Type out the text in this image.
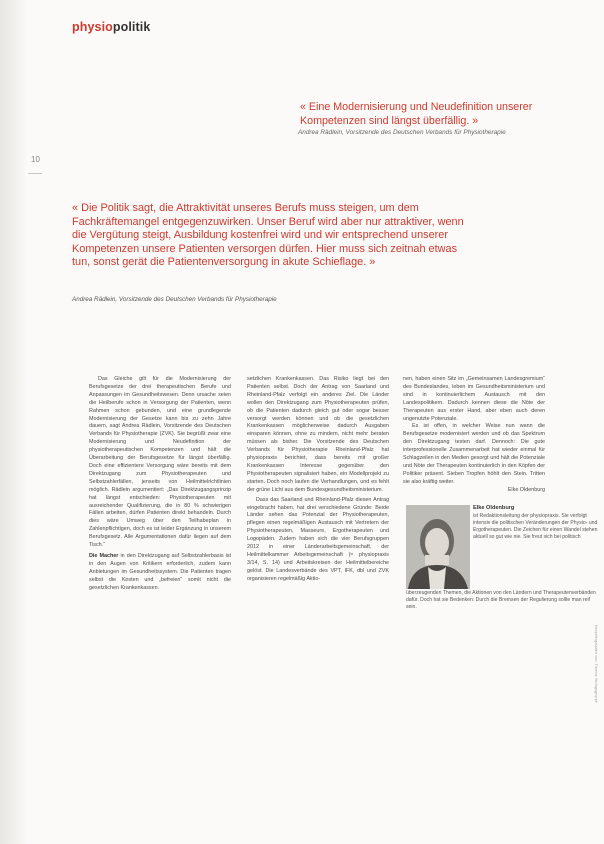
physiopolitik
10
« Eine Modernisierung und Neudefinition unserer Kompetenzen sind längst überfällig. »
Andrea Rädlein, Vorsitzende des Deutschen Verbands für Physiotherapie
« Die Politik sagt, die Attraktivität unseres Berufs muss steigen, um dem Fachkräftemangel entgegenzuwirken. Unser Beruf wird aber nur attraktiver, wenn die Vergütung steigt, Ausbildung kostenfrei wird und wir entsprechend unserer Kompetenzen unsere Patienten versorgen dürfen. Hier muss sich zeitnah etwas tun, sonst gerät die Patientenversorgung in akute Schieflage. »
Andrea Rädlein, Vorsitzende des Deutschen Verbands für Physiotherapie

Das Gleiche gilt für die Modernisierung der Berufsgesetze der drei therapeutischen Berufe und Anpassungen im Gesundheitswesen. Denn ursache seien die Heilberufe schon in Versorgung der Patienten, wenn Rahmen schon gebunden, und eine grundlegende Modernisierung der Gesetze kann bis zu zehn Jahre dauern, sagt Andrea Rädlein, Vorsitzende des Deutschen Verbands für Physiotherapie (ZVK). Sie begrüßt zwar eine Modernisierung und Neudefinition der physiotherapeutischen Kompetenzen und hält die Überarbeitung der Berufsgesetze für längst überfällig. Doch eine effizientere Versorgung wäre bereits mit dem Direktzugang zum Physiotherapeuten und Selbstzahlerfällen, jenseits von Heilmittelrichtlinien möglich. Rädlein argumentiert: „Das Direktzugangsprinzip hat längst entschieden: Physiotherapeuten mit ausreichender Qualifizierung, die in 80 % schwierigen Fällen arbeiten, dürfen Patienten direkt behandeln. Durch dies wäre Umweg über den Teilhabeplan in Zahlenpflichtigen, doch es ist leider Ergänzung in unserem Berufsgesetz. Alle Argumentationen dafür liegen auf dem Tisch.“

Die Macher in den Direktzugang auf Selbstzahlerbasis ist in den Augen von Kritikern erforderlich, zudem kann Anbietungen im Gesundheitssystem. Die Patienten tragen selbst die Kosten und „befreien“ somit nicht die gesetzlichen Krankenkassen.

setzlichen Krankenkassen. Das Risiko liegt bei den Patienten selbst. Doch der Antrag von Saarland und Rheinland-Pfalz verfolgt ein anderes Ziel. Die Länder wollen den Direktzugang zum Physiotherapeuten prüfen, ob die Patienten dadurch gleich gut oder sogar besser versorgt werden können und ob die gesetzlichen Krankenkassen möglicherweise dadurch Ausgaben einsparen können, ohne zu mindern, nicht mehr beraten müssen als bisher. Die Vorsitzende des Deutschen Verbands für Physiotherapie Rheinland-Pfalz hat physiopraxis berichtet, dass bereits mit großer Krankenkassen Interesse gegenüber den Physiotherapeuten signalisiert haben, ein Modellprojekt zu starten. Doch noch laufen die Verhandlungen, und es fehlt der grüne Licht aus dem Bundesgesundheitsministerium.

Dass das Saarland und Rheinland-Pfalz diesen Antrag eingebracht haben, hat drei verschiedene Gründe: Beide Länder sehen das Potenzial der Physiotherapeuten, pflegen einen regelmäßigen Austausch mit Vertretern der Physiotherapeuten, Masseure, Ergotherapeuten und Logopäden. Zudem haben sich die vier Berufsgruppen 2012 in einer Länderarbeitsgemeinschaft, der Heilmittelkammer Arbeitsgemeinschaft (≈ physiopraxis 3/14, S. 14) und Arbeitskreisen der Heilmittelbereiche gelöst. Die Landesverbände des VPT, IFK, dbl und ZVK organisieren regelmäßig Aktio-

nen, haben einen Sitz im „Gemeinsamen Landesgremium“ des Bundeslandes, leben im Gesundheitsministerium und sind in kontinuierlichem Austausch mit den Landespolitikern. Dadurch kennen diese die Nöte der Therapeuten aus erster Hand, aber eben auch deren ungenutzte Potenziale.

Es ist offen, in welcher Weise nun wann die Berufsgesetze modernisiert werden und ob das Spektrum den Direktzugang testen darf. Dennoch: Die gute interprofessionelle Zusammenarbeit hat wieder einmal für Schlagzeilen in den Medien gesorgt und hält die Potenziale und Nöte der Therapeuten kontinuierlich in den Köpfen der Politiker präsent. Sieben Tropfen höhlt den Stein. Tritten sie also kräftig weiter.

Elke Oldenburg

Elke Oldenburg
ist Redaktionsleitung der physiopraxis. Sie verfolgt intensiv die politischen Veränderungen der Physio- und Ergotherapeuten. Die Zeichen für einen Wandel stehen aktuell so gut wie nie. Sie freut sich bei politisch
überzeugenden Themen, die Aktionen von den Ländern und Therapeutenverbänden dafür. Doch hat sie Bedenken: Durch die Bremsen der Regulierung sollte man reif sein.
Heruntergeladen von: Thieme Verlagsgruppe
